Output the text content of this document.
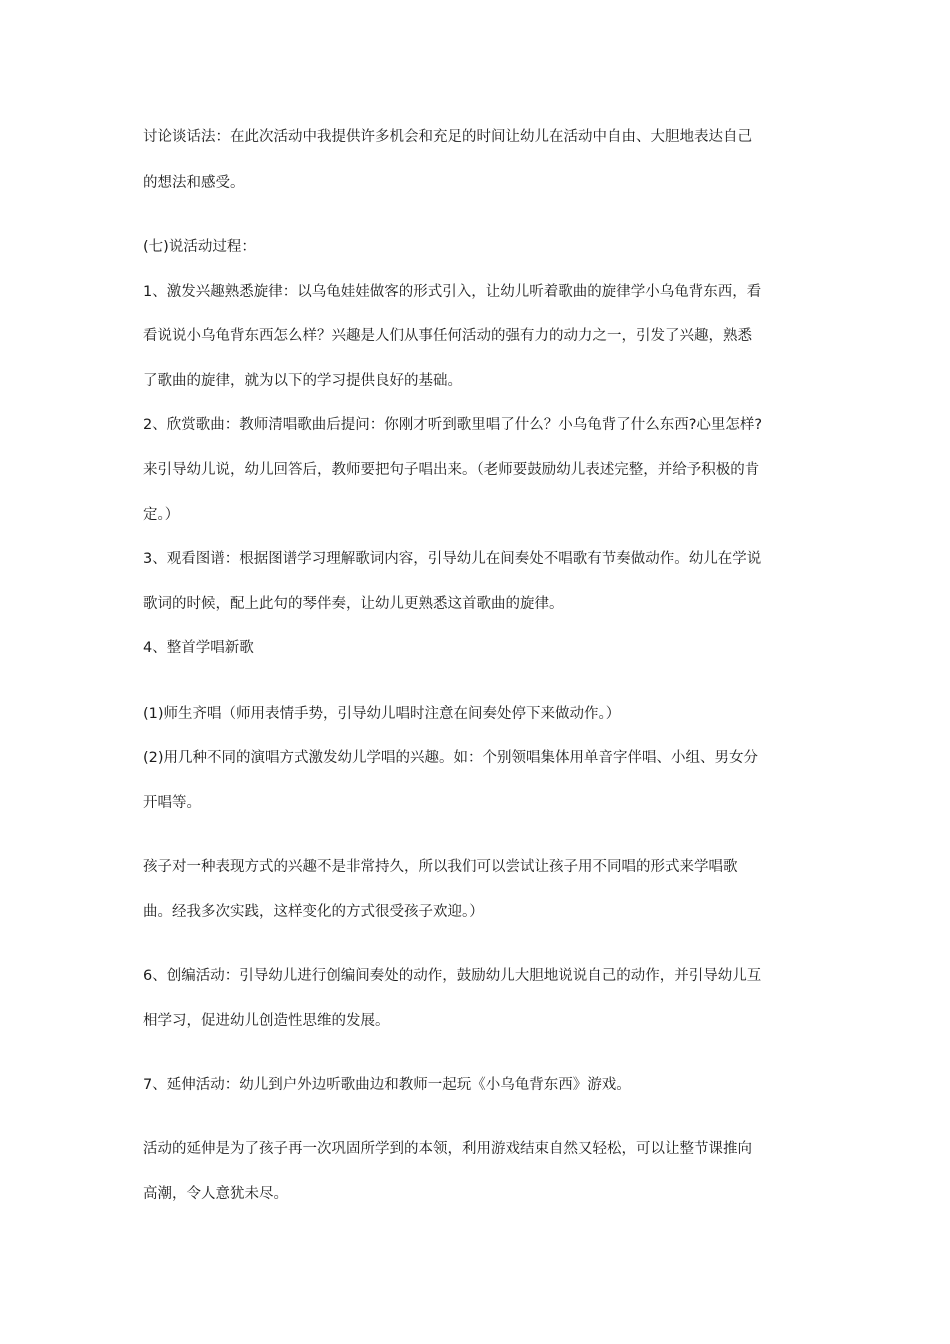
讨论谈话法：在此次活动中我提供许多机会和充足的时间让幼儿在活动中自由、大胆地表达自己
的想法和感受。
(七)说活动过程：
1、激发兴趣熟悉旋律：以乌龟娃娃做客的形式引入，让幼儿听着歌曲的旋律学小乌龟背东西，看
看说说小乌龟背东西怎么样？兴趣是人们从事任何活动的强有力的动力之一，引发了兴趣，熟悉
了歌曲的旋律，就为以下的学习提供良好的基础。
2、欣赏歌曲：教师清唱歌曲后提问：你刚才听到歌里唱了什么？小乌龟背了什么东西?心里怎样?
来引导幼儿说，幼儿回答后，教师要把句子唱出来。（老师要鼓励幼儿表述完整，并给予积极的肯
定。）
3、观看图谱：根据图谱学习理解歌词内容，引导幼儿在间奏处不唱歌有节奏做动作。幼儿在学说
歌词的时候，配上此句的琴伴奏，让幼儿更熟悉这首歌曲的旋律。
4、整首学唱新歌
(1)师生齐唱（师用表情手势，引导幼儿唱时注意在间奏处停下来做动作。）
(2)用几种不同的演唱方式激发幼儿学唱的兴趣。如：个别领唱集体用单音字伴唱、小组、男女分
开唱等。
孩子对一种表现方式的兴趣不是非常持久，所以我们可以尝试让孩子用不同唱的形式来学唱歌
曲。经我多次实践，这样变化的方式很受孩子欢迎。）
6、创编活动：引导幼儿进行创编间奏处的动作，鼓励幼儿大胆地说说自己的动作，并引导幼儿互
相学习，促进幼儿创造性思维的发展。
7、延伸活动：幼儿到户外边听歌曲边和教师一起玩《小乌龟背东西》游戏。
活动的延伸是为了孩子再一次巩固所学到的本领，利用游戏结束自然又轻松，可以让整节课推向
高潮，令人意犹未尽。
